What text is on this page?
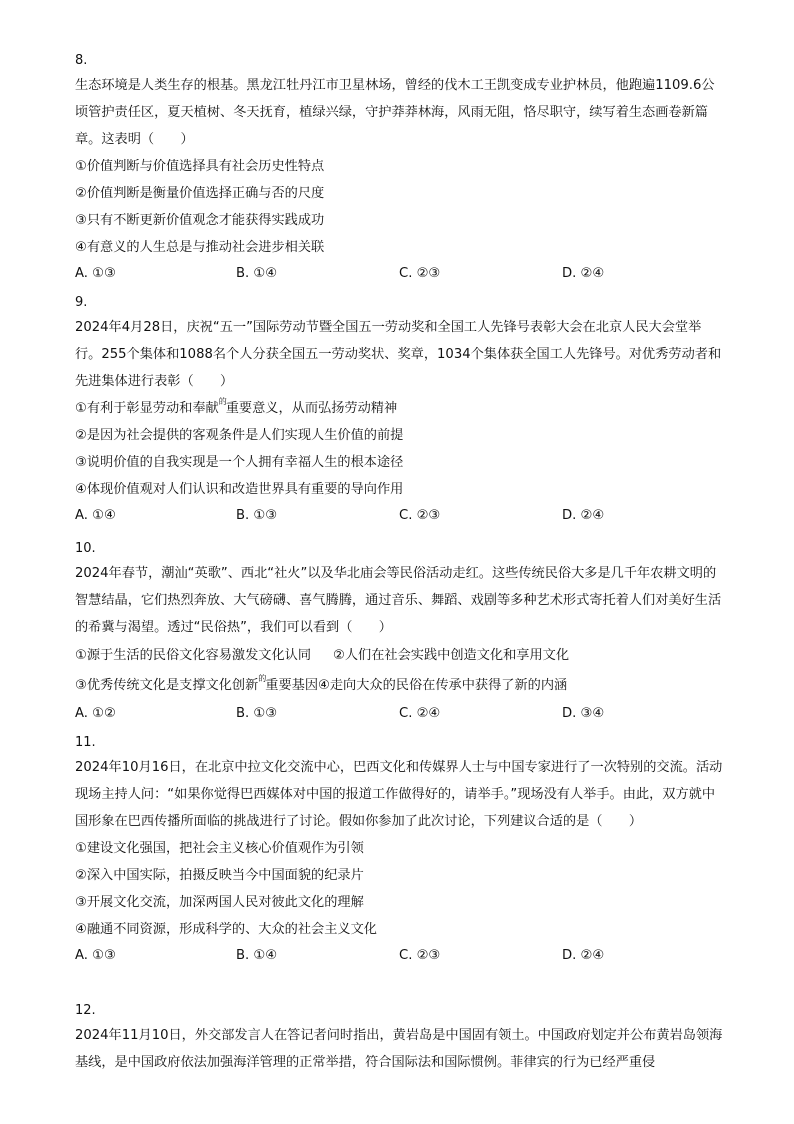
8.

生态环境是人类生存的根基。黑龙江牡丹江市卫星林场，曾经的伐木工王凯变成专业护林员，他跑遍1109.6公顷管护责任区，夏天植树、冬天抚育，植绿兴绿，守护莽莽林海，风雨无阻，恪尽职守，续写着生态画卷新篇章。这表明（　　）

①价值判断与价值选择具有社会历史性特点
②价值判断是衡量价值选择正确与否的尺度
③只有不断更新价值观念才能获得实践成功
④有意义的人生总是与推动社会进步相关联
A. ①③	B. ①④	C. ②③	D. ②④
9.

2024年4月28日，庆祝“五一”国际劳动节暨全国五一劳动奖和全国工人先锋号表彰大会在北京人民大会堂举行。255个集体和1088名个人分获全国五一劳动奖状、奖章，1034个集体获全国工人先锋号。对优秀劳动者和先进集体进行表彰（　　）

①有利于彰显劳动和奉献$^的$重要意义，从而弘扬劳动精神
②是因为社会提供的客观条件是人们实现人生价值的前提
③说明价值的自我实现是一个人拥有幸福人生的根本途径
④体现价值观对人们认识和改造世界具有重要的导向作用
A. ①④	B. ①③	C. ②③	D. ②④
10.

2024年春节，潮汕“英歌”、西北“社火”以及华北庙会等民俗活动走红。这些传统民俗大多是几千年农耕文明的智慧结晶，它们热烈奔放、大气磅礴、喜气腾腾，通过音乐、舞蹈、戏剧等多种艺术形式寄托着人们对美好生活的希冀与渴望。透过“民俗热”，我们可以看到（　　）

①源于生活的民俗文化容易激发文化认同 ②人们在社会实践中创造文化和享用文化
③优秀传统文化是支撑文化创新$^的$重要基因④走向大众的民俗在传承中获得了新的内涵
A. ①②	B. ①③	C. ②④	D. ③④
11.

2024年10月16日，在北京中拉文化交流中心，巴西文化和传媒界人士与中国专家进行了一次特别的交流。活动现场主持人问：“如果你觉得巴西媒体对中国的报道工作做得好的，请举手。”现场没有人举手。由此，双方就中国形象在巴西传播所面临的挑战进行了讨论。假如你参加了此次讨论，下列建议合适的是（　　）

①建设文化强国，把社会主义核心价值观作为引领
②深入中国实际，拍摄反映当今中国面貌的纪录片
③开展文化交流，加深两国人民对彼此文化的理解
④融通不同资源，形成科学的、大众的社会主义文化
A. ①③	B. ①④	C. ②③	D. ②④
12.

2024年11月10日，外交部发言人在答记者问时指出，黄岩岛是中国固有领土。中国政府划定并公布黄岩岛领海基线，是中国政府依法加强海洋管理的正常举措，符合国际法和国际惯例。菲律宾的行为已经严重侵
